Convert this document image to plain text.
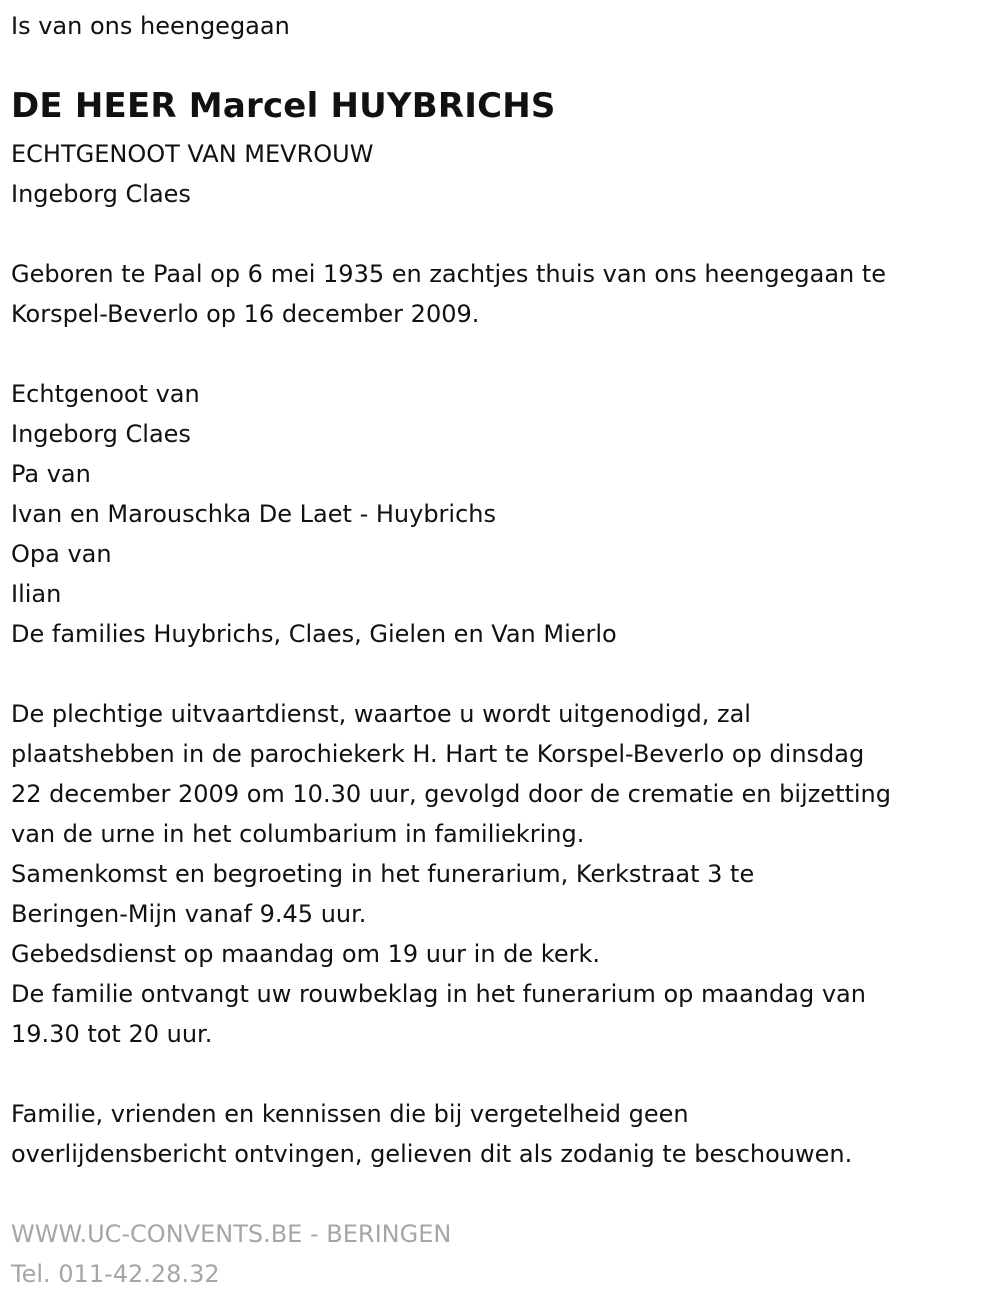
Is van ons heengegaan
DE HEER Marcel HUYBRICHS
ECHTGENOOT VAN MEVROUW
Ingeborg Claes
Geboren te Paal op 6 mei 1935 en zachtjes thuis van ons heengegaan te
Korspel-Beverlo op 16 december 2009.
Echtgenoot van
Ingeborg Claes
Pa van
Ivan en Marouschka De Laet - Huybrichs
Opa van
Ilian
De families Huybrichs, Claes, Gielen en Van Mierlo
De plechtige uitvaartdienst, waartoe u wordt uitgenodigd, zal
plaatshebben in de parochiekerk H. Hart te Korspel-Beverlo op dinsdag
22 december 2009 om 10.30 uur, gevolgd door de crematie en bijzetting
van de urne in het columbarium in familiekring.
Samenkomst en begroeting in het funerarium, Kerkstraat 3 te
Beringen-Mijn vanaf 9.45 uur.
Gebedsdienst op maandag om 19 uur in de kerk.
De familie ontvangt uw rouwbeklag in het funerarium op maandag van
19.30 tot 20 uur.
Familie, vrienden en kennissen die bij vergetelheid geen
overlijdensbericht ontvingen, gelieven dit als zodanig te beschouwen.
WWW.UC-CONVENTS.BE - BERINGEN
Tel. 011-42.28.32
